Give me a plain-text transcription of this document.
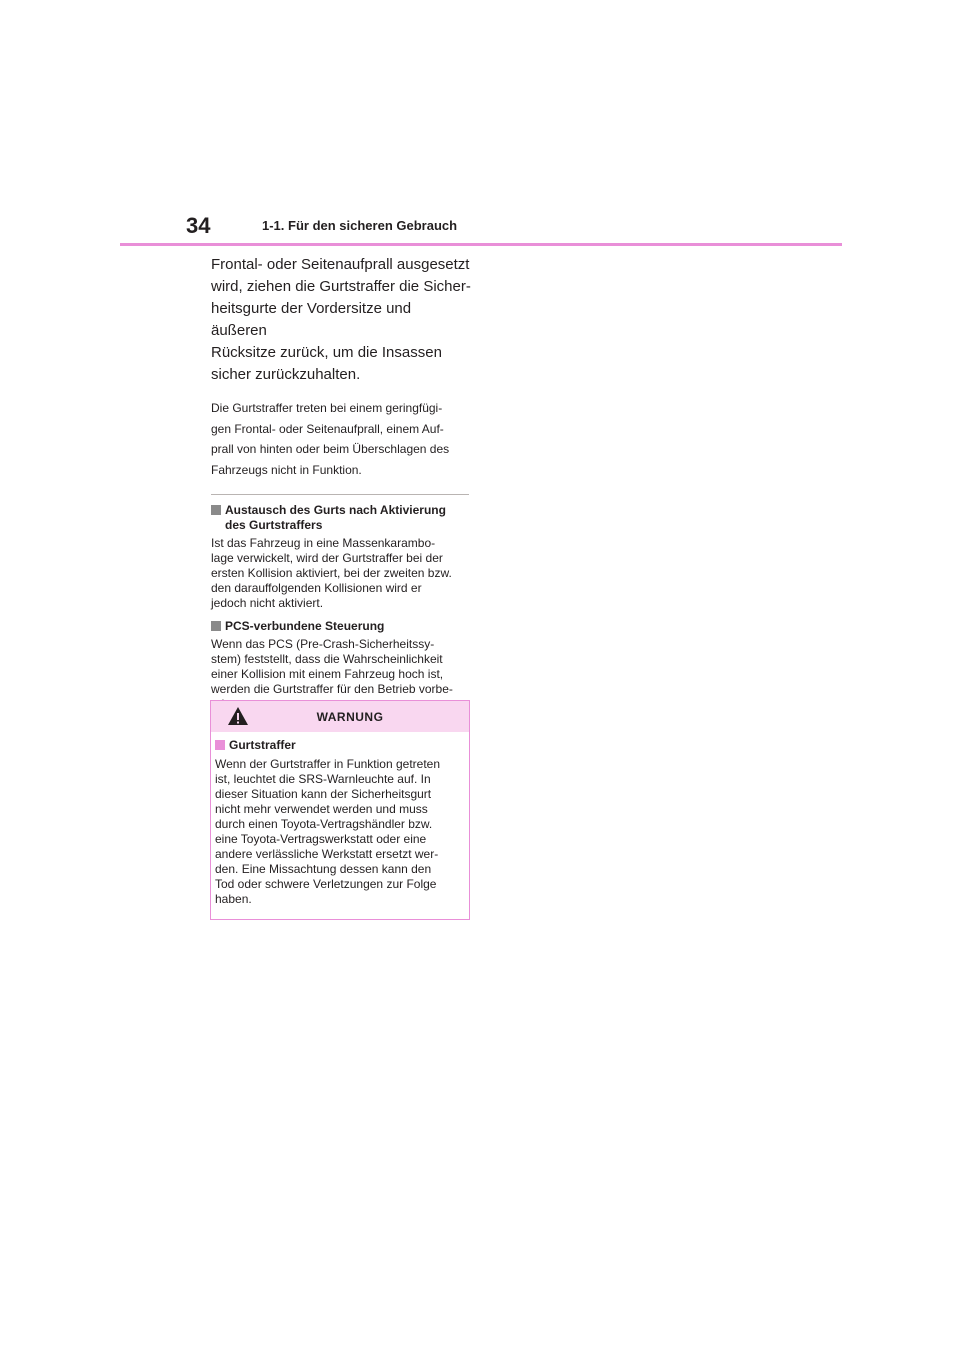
34	1-1. Für den sicheren Gebrauch

Frontal- oder Seitenaufprall ausgesetzt
wird, ziehen die Gurtstraffer die Sicher-
heitsgurte der Vordersitze und äußeren
Rücksitze zurück, um die Insassen
sicher zurückzuhalten.

Die Gurtstraffer treten bei einem geringfügi-
gen Frontal- oder Seitenaufprall, einem Auf-
prall von hinten oder beim Überschlagen des
Fahrzeugs nicht in Funktion.

Austausch des Gurts nach Aktivierung
des Gurtstraffers

Ist das Fahrzeug in eine Massenkarambo-
lage verwickelt, wird der Gurtstraffer bei der
ersten Kollision aktiviert, bei der zweiten bzw.
den darauffolgenden Kollisionen wird er
jedoch nicht aktiviert.

PCS-verbundene Steuerung

Wenn das PCS (Pre-Crash-Sicherheitssy-
stem) feststellt, dass die Wahrscheinlichkeit
einer Kollision mit einem Fahrzeug hoch ist,
werden die Gurtstraffer für den Betrieb vorbe-

WARNUNG
Gurtstraffer

Wenn der Gurtstraffer in Funktion getreten
ist, leuchtet die SRS-Warnleuchte auf. In
dieser Situation kann der Sicherheitsgurt
nicht mehr verwendet werden und muss
durch einen Toyota-Vertragshändler bzw.
eine Toyota-Vertragswerkstatt oder eine
andere verlässliche Werkstatt ersetzt wer-
den. Eine Missachtung dessen kann den
Tod oder schwere Verletzungen zur Folge
haben.
